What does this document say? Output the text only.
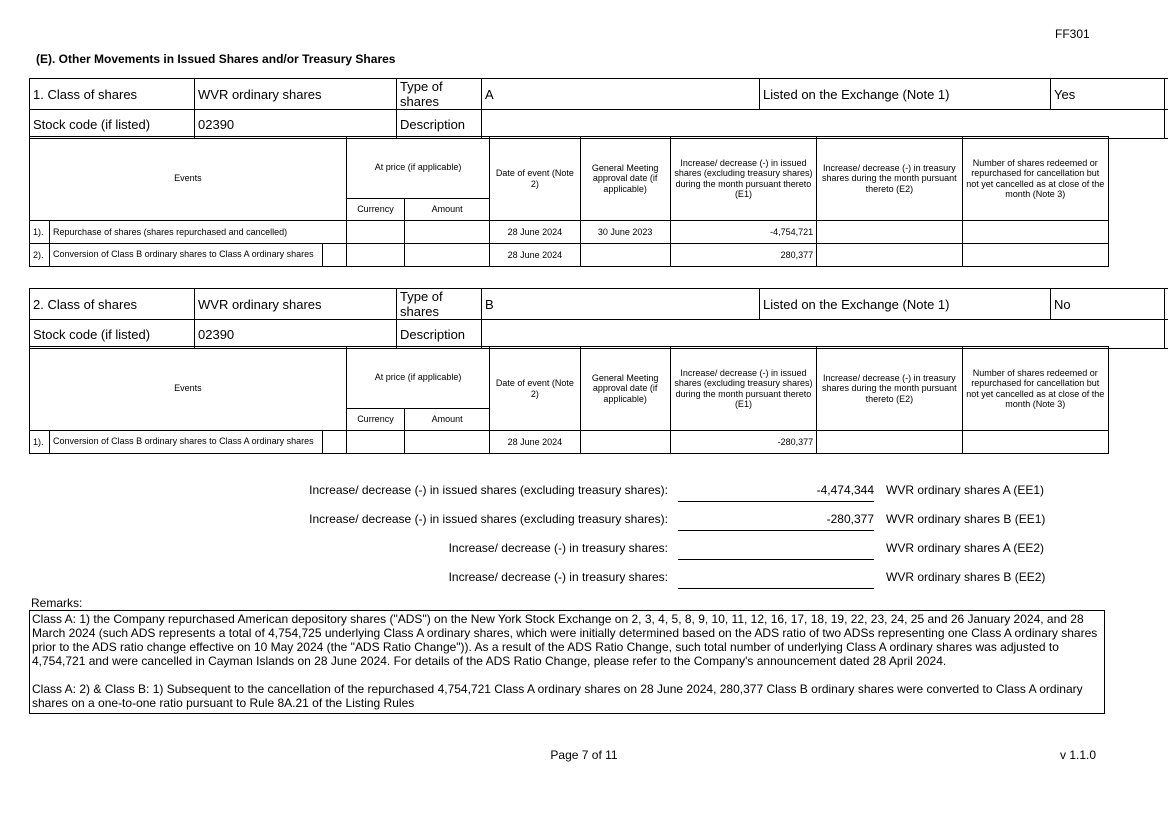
FF301
(E). Other Movements in Issued Shares and/or Treasury Shares
1. Class of shares	WVR ordinary shares	Type of shares	A	Listed on the Exchange (Note 1)	Yes	
Stock code (if listed)	02390	Description				
Events			At price (if applicable)		Date of event (Note 2)	General Meeting approval date (if applicable)	Increase/ decrease (-) in issued shares (excluding treasury shares) during the month pursuant thereto (E1)	Increase/ decrease (-) in treasury shares during the month pursuant thereto (E2)	Number of shares redeemed or repurchased for cancellation but not yet cancelled as at close of the month (Note 3)
			Currency	Amount					
1).	Repurchase of shares (shares repurchased and cancelled)				28 June 2024	30 June 2023	-4,754,721		
2).	Conversion of Class B ordinary shares to Class A ordinary shares				28 June 2024		280,377		
2. Class of shares	WVR ordinary shares	Type of shares	B	Listed on the Exchange (Note 1)	No	
Stock code (if listed)	02390	Description				
Events			At price (if applicable)		Date of event (Note 2)	General Meeting approval date (if applicable)	Increase/ decrease (-) in issued shares (excluding treasury shares) during the month pursuant thereto (E1)	Increase/ decrease (-) in treasury shares during the month pursuant thereto (E2)	Number of shares redeemed or repurchased for cancellation but not yet cancelled as at close of the month (Note 3)
			Currency	Amount					
1).	Conversion of Class B ordinary shares to Class A ordinary shares				28 June 2024		-280,377		
Increase/ decrease (-) in issued shares (excluding treasury shares):	-4,474,344 WVR ordinary shares A (EE1)
Increase/ decrease (-) in issued shares (excluding treasury shares):	-280,377 WVR ordinary shares B (EE1)
Increase/ decrease (-) in treasury shares:	WVR ordinary shares A (EE2)
Increase/ decrease (-) in treasury shares:	WVR ordinary shares B (EE2)
Remarks:

Class A: 1) the Company repurchased American depository shares ("ADS") on the New York Stock Exchange on 2, 3, 4, 5, 8, 9, 10, 11, 12, 16, 17, 18, 19, 22, 23, 24, 25 and 26 January 2024, and 28 March 2024 (such ADS represents a total of 4,754,725 underlying Class A ordinary shares, which were initially determined based on the ADS ratio of two ADSs representing one Class A ordinary shares prior to the ADS ratio change effective on 10 May 2024 (the "ADS Ratio Change")). As a result of the ADS Ratio Change, such total number of underlying Class A ordinary shares was adjusted to 4,754,721 and were cancelled in Cayman Islands on 28 June 2024. For details of the ADS Ratio Change, please refer to the Company's announcement dated 28 April 2024.

Class A: 2) & Class B: 1) Subsequent to the cancellation of the repurchased 4,754,721 Class A ordinary shares on 28 June 2024, 280,377 Class B ordinary shares were converted to Class A ordinary shares on a one-to-one ratio pursuant to Rule 8A.21 of the Listing Rules

Page 7 of 11	v 1.1.0
